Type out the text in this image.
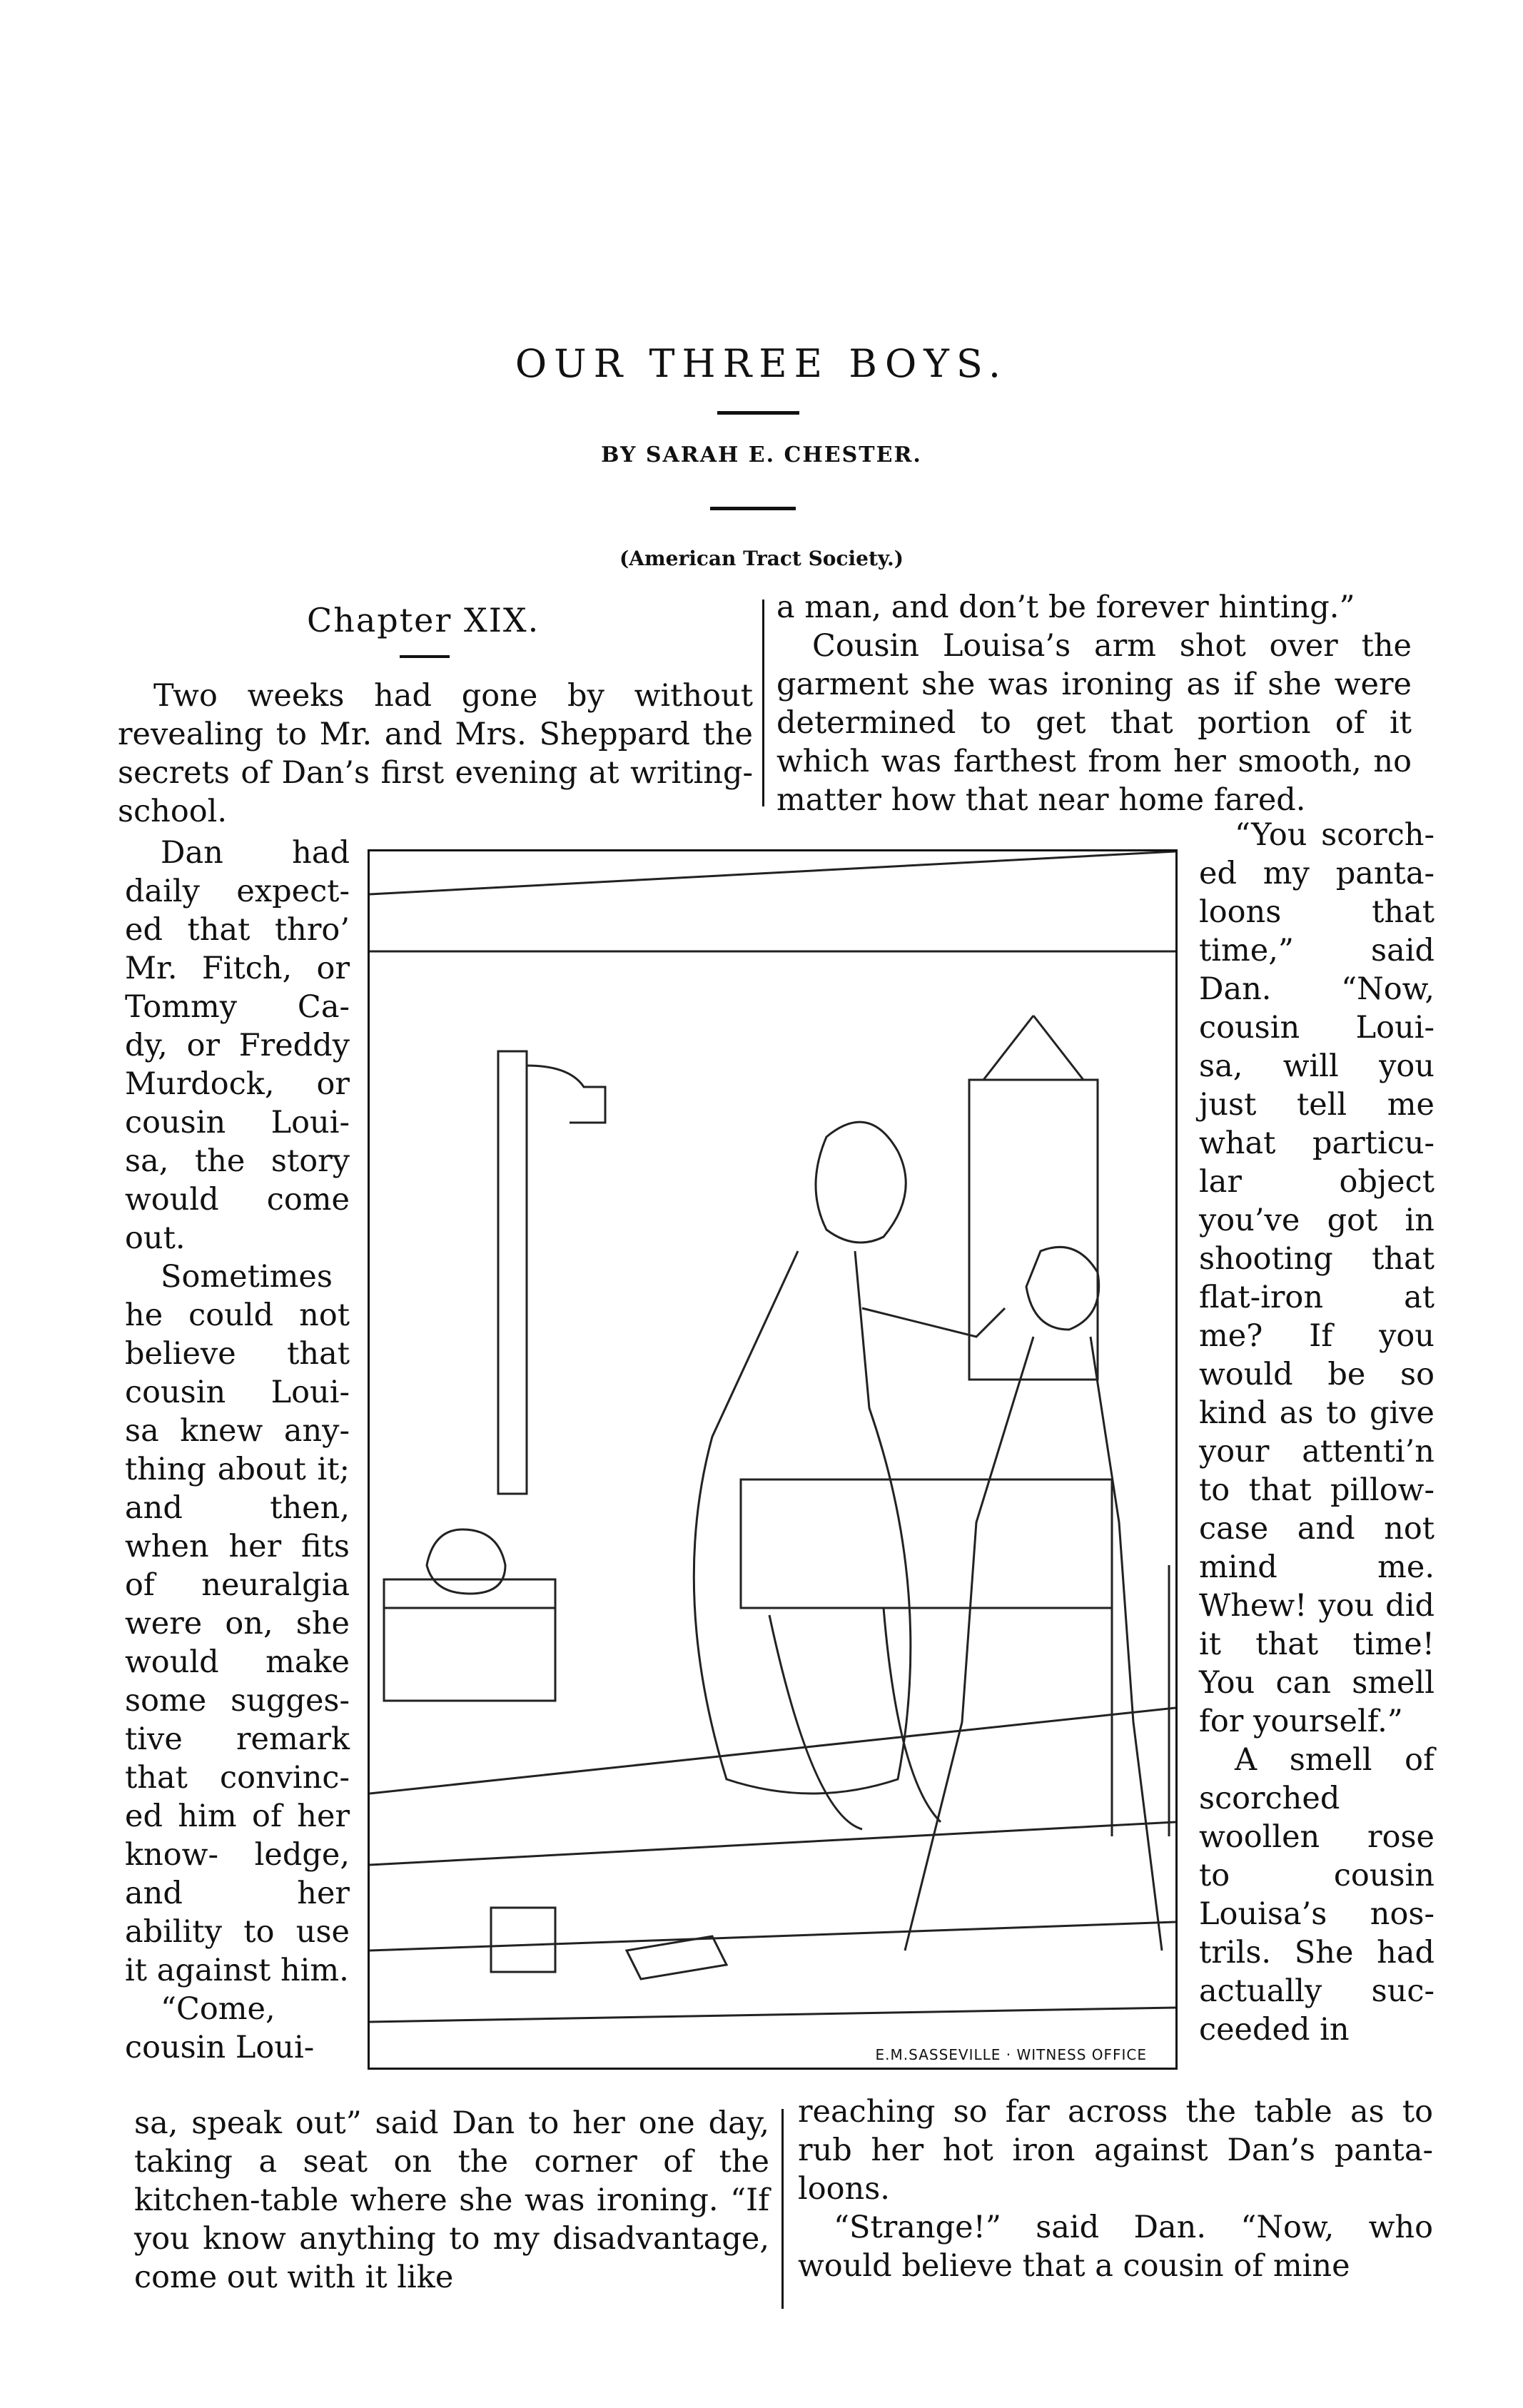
OUR THREE BOYS.
BY SARAH E. CHESTER.
(American Tract Society.)
Chapter XIX.

Two weeks had gone by without revealing to Mr. and Mrs. Sheppard the secrets of Dan’s first evening at writing-school.

Dan had daily expect- ed that thro’ Mr. Fitch, or Tommy Ca- dy, or Freddy Murdock, or cousin Loui- sa, the story would come out.

Sometimes he could not believe that cousin Loui- sa knew any- thing about it; and then, when her fits of neuralgia were on, she would make some sugges- tive remark that convinc- ed him of her know- ledge, and her ability to use it against him.

“Come, cousin Loui-

sa, speak out” said Dan to her one day, taking a seat on the corner of the kitchen-table where she was ironing. “If you know anything to my disadvantage, come out with it like

a man, and don’t be forever hinting.”

Cousin Louisa’s arm shot over the garment she was ironing as if she were determined to get that portion of it which was farthest from her smooth, no matter how that near home fared.

“You scorch- ed my panta- loons that time,” said Dan. “Now, cousin Loui- sa, will you just tell me what particu- lar object you’ve got in shooting that flat-iron at me? If you would be so kind as to give your attenti’n to that pillow- case and not mind me. Whew! you did it that time! You can smell for yourself.”

A smell of scorched woollen rose to cousin Louisa’s nos- trils. She had actually suc- ceeded in

reaching so far across the table as to rub her hot iron against Dan’s panta- loons.

“Strange!” said Dan. “Now, who would believe that a cousin of mine

E.M.SASSEVILLE · WITNESS OFFICE
